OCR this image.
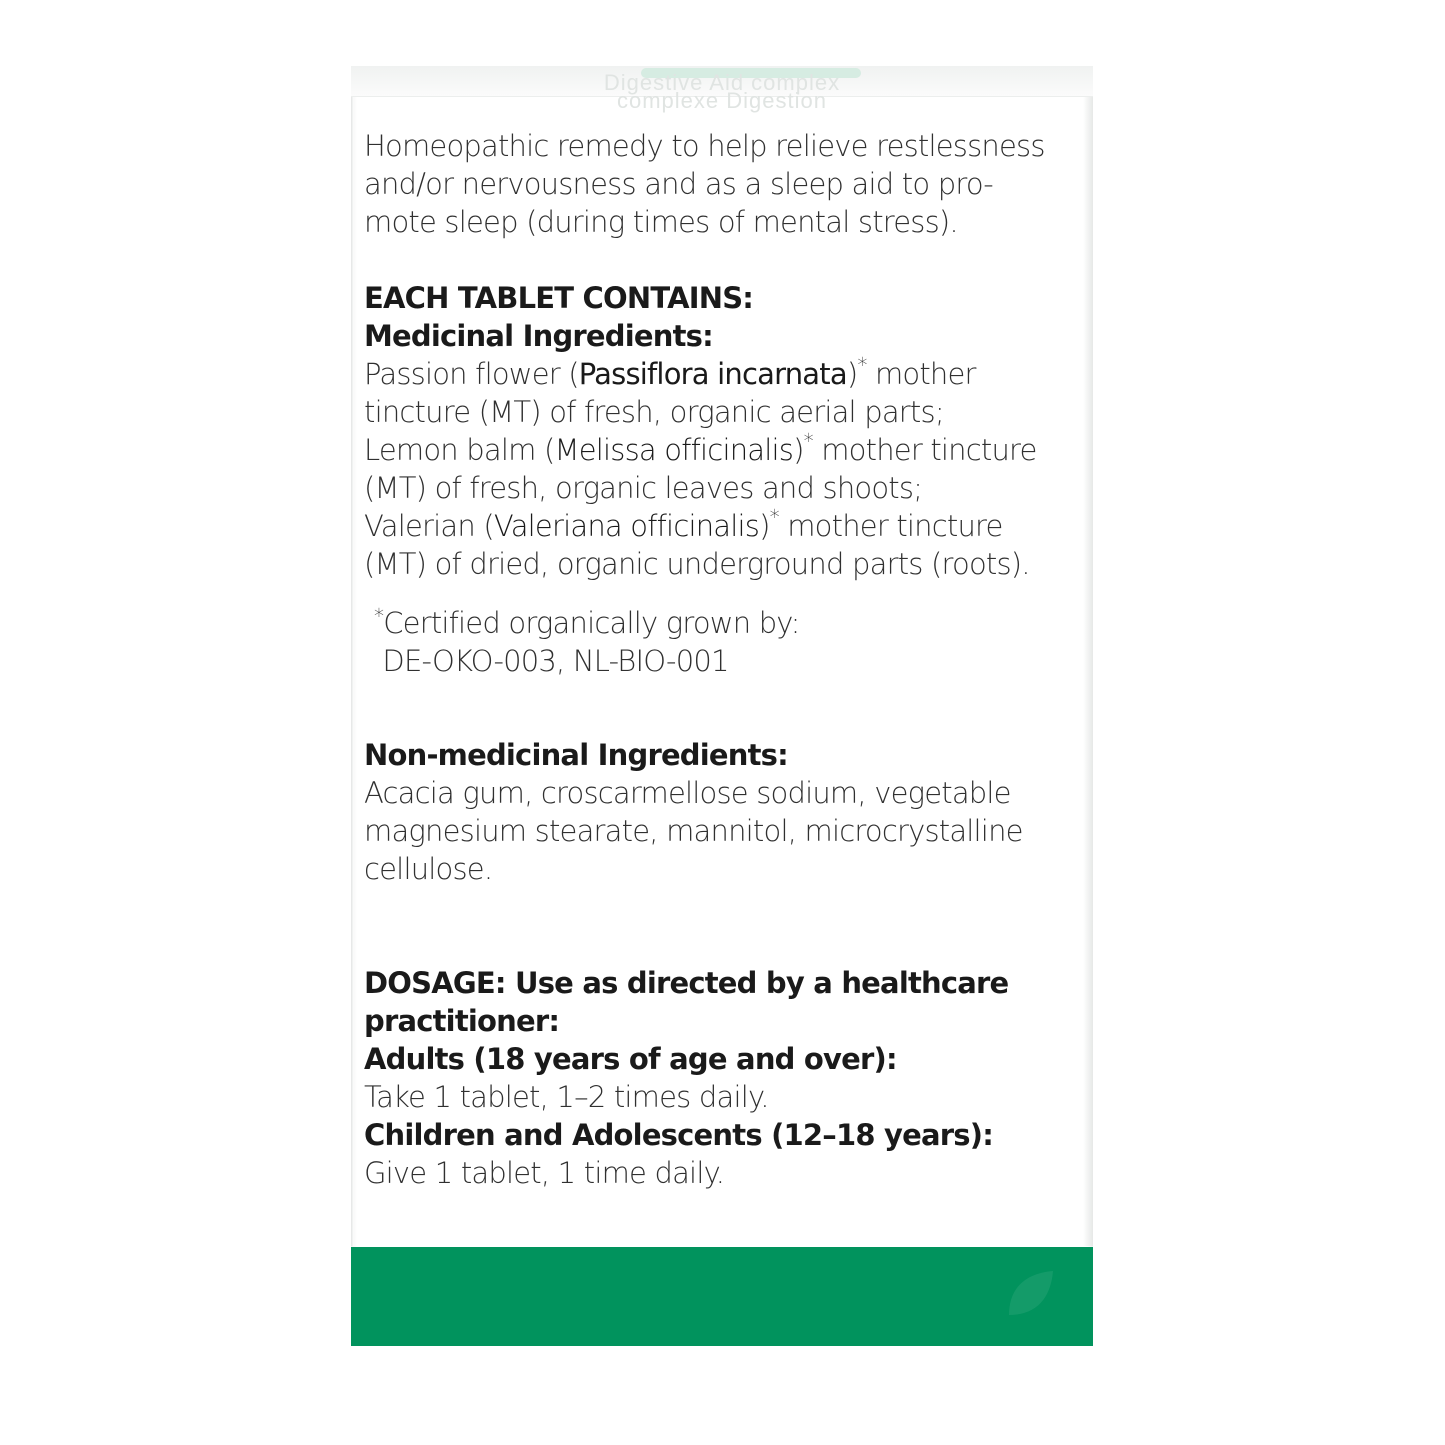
Digestive Aid complex
complexe Digestion

Homeopathic remedy to help relieve restlessness
and/or nervousness and as a sleep aid to pro-
mote sleep (during times of mental stress).

EACH TABLET CONTAINS:

Medicinal Ingredients:

Passion flower (Passiflora incarnata)* mother
tincture (MT) of fresh, organic aerial parts;

Lemon balm (Melissa officinalis)* mother tincture
(MT) of fresh, organic leaves and shoots;

Valerian (Valeriana officinalis)* mother tincture
(MT) of dried, organic underground parts (roots).

*Certified organically grown by:
DE-OKO-003, NL-BIO-001

Non-medicinal Ingredients:

Acacia gum, croscarmellose sodium, vegetable
magnesium stearate, mannitol, microcrystalline
cellulose.

DOSAGE: Use as directed by a healthcare
practitioner:

Adults (18 years of age and over):

Take 1 tablet, 1–2 times daily.

Children and Adolescents (12–18 years):

Give 1 tablet, 1 time daily.
